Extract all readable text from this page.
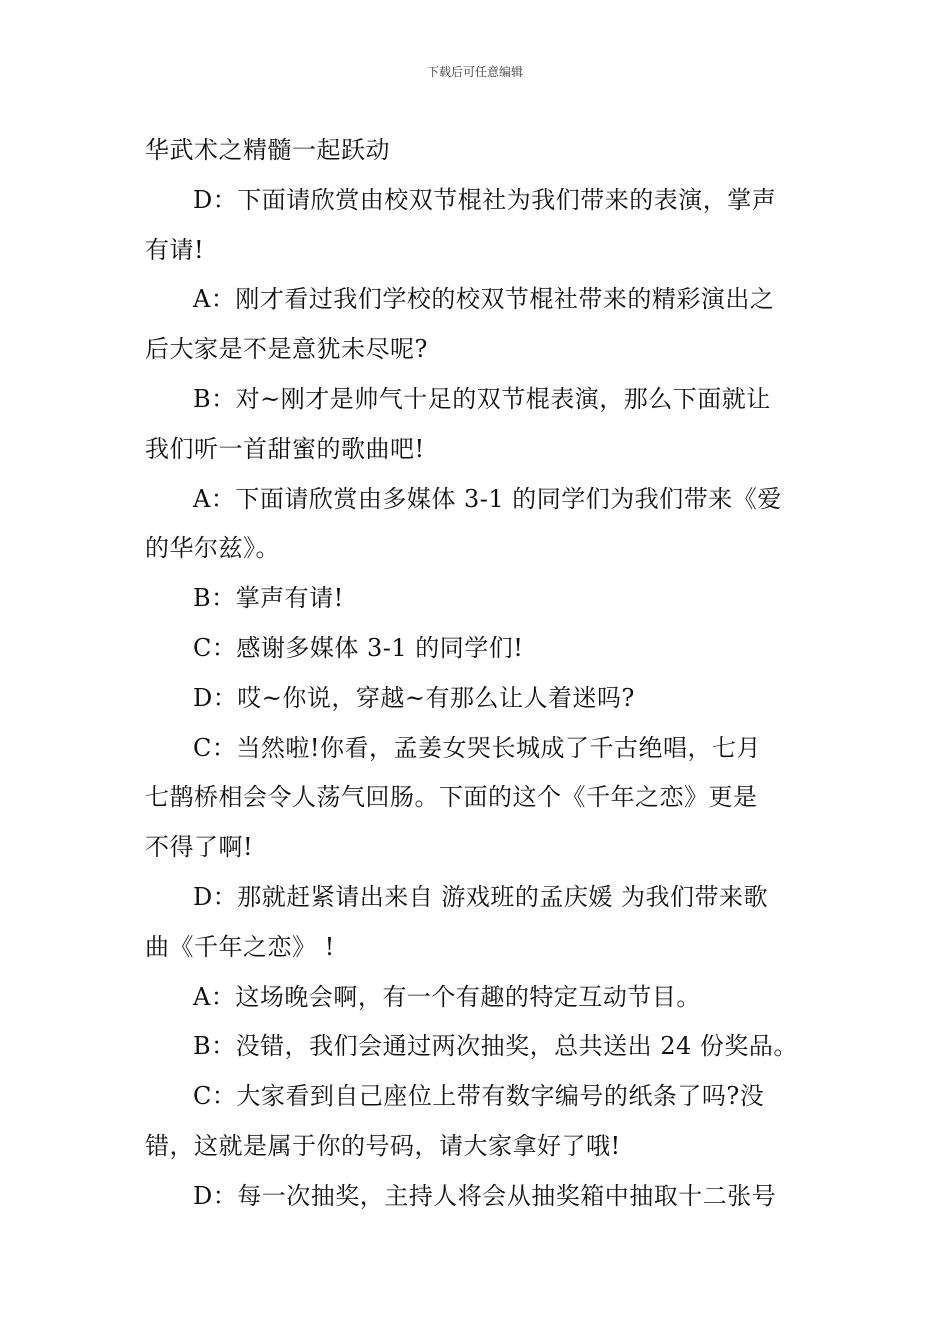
下载后可任意编辑
华武术之精髓一起跃动
D：下面请欣赏由校双节棍社为我们带来的表演，掌声
有请!
A：刚才看过我们学校的校双节棍社带来的精彩演出之
后大家是不是意犹未尽呢?
B：对~刚才是帅气十足的双节棍表演，那么下面就让
我们听一首甜蜜的歌曲吧!
A：下面请欣赏由多媒体 3-1 的同学们为我们带来《爱
的华尔兹》。
B：掌声有请!
C：感谢多媒体 3-1 的同学们!
D：哎~你说，穿越~有那么让人着迷吗?
C：当然啦!你看，孟姜女哭长城成了千古绝唱，七月
七鹊桥相会令人荡气回肠。下面的这个《千年之恋》更是
不得了啊!
D：那就赶紧请出来自 游戏班的孟庆媛 为我们带来歌
曲《千年之恋》 !
A：这场晚会啊，有一个有趣的特定互动节目。
B：没错，我们会通过两次抽奖，总共送出 24 份奖品。
C：大家看到自己座位上带有数字编号的纸条了吗?没
错，这就是属于你的号码，请大家拿好了哦!
D：每一次抽奖，主持人将会从抽奖箱中抽取十二张号
